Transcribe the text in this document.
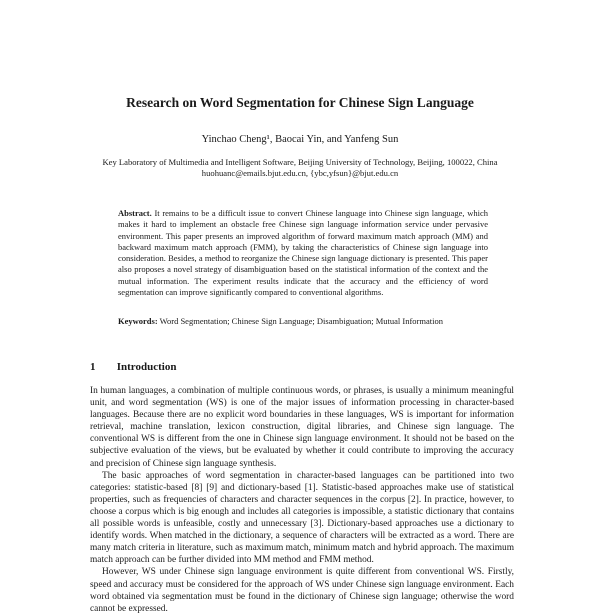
Research on Word Segmentation for Chinese Sign Language
Yinchao Cheng¹, Baocai Yin, and Yanfeng Sun
Key Laboratory of Multimedia and Intelligent Software, Beijing University of Technology, Beijing, 100022, China
huohuanc@emails.bjut.edu.cn, {ybc,yfsun}@bjut.edu.cn
Abstract. It remains to be a difficult issue to convert Chinese language into Chinese sign language, which makes it hard to implement an obstacle free Chinese sign language information service under pervasive environment. This paper presents an improved algorithm of forward maximum match approach (MM) and backward maximum match approach (FMM), by taking the characteristics of Chinese sign language into consideration. Besides, a method to reorganize the Chinese sign language dictionary is presented. This paper also proposes a novel strategy of disambiguation based on the statistical information of the context and the mutual information. The experiment results indicate that the accuracy and the efficiency of word segmentation can improve significantly compared to conventional algorithms.
Keywords: Word Segmentation; Chinese Sign Language; Disambiguation; Mutual Information
1 Introduction

In human languages, a combination of multiple continuous words, or phrases, is usually a minimum meaningful unit, and word segmentation (WS) is one of the major issues of information processing in character-based languages. Because there are no explicit word boundaries in these languages, WS is important for information retrieval, machine translation, lexicon construction, digital libraries, and Chinese sign language. The conventional WS is different from the one in Chinese sign language environment. It should not be based on the subjective evaluation of the views, but be evaluated by whether it could contribute to improving the accuracy and precision of Chinese sign language synthesis.

The basic approaches of word segmentation in character-based languages can be partitioned into two categories: statistic-based [8] [9] and dictionary-based [1]. Statistic-based approaches make use of statistical properties, such as frequencies of characters and character sequences in the corpus [2]. In practice, however, to choose a corpus which is big enough and includes all categories is impossible, a statistic dictionary that contains all possible words is unfeasible, costly and unnecessary [3]. Dictionary-based approaches use a dictionary to identify words. When matched in the dictionary, a sequence of characters will be extracted as a word. There are many match criteria in literature, such as maximum match, minimum match and hybrid approach. The maximum match approach can be further divided into MM method and FMM method.

However, WS under Chinese sign language environment is quite different from conventional WS. Firstly, speed and accuracy must be considered for the approach of WS under Chinese sign language environment. Each word obtained via segmentation must be found in the dictionary of Chinese sign language; otherwise the word cannot be expressed.
